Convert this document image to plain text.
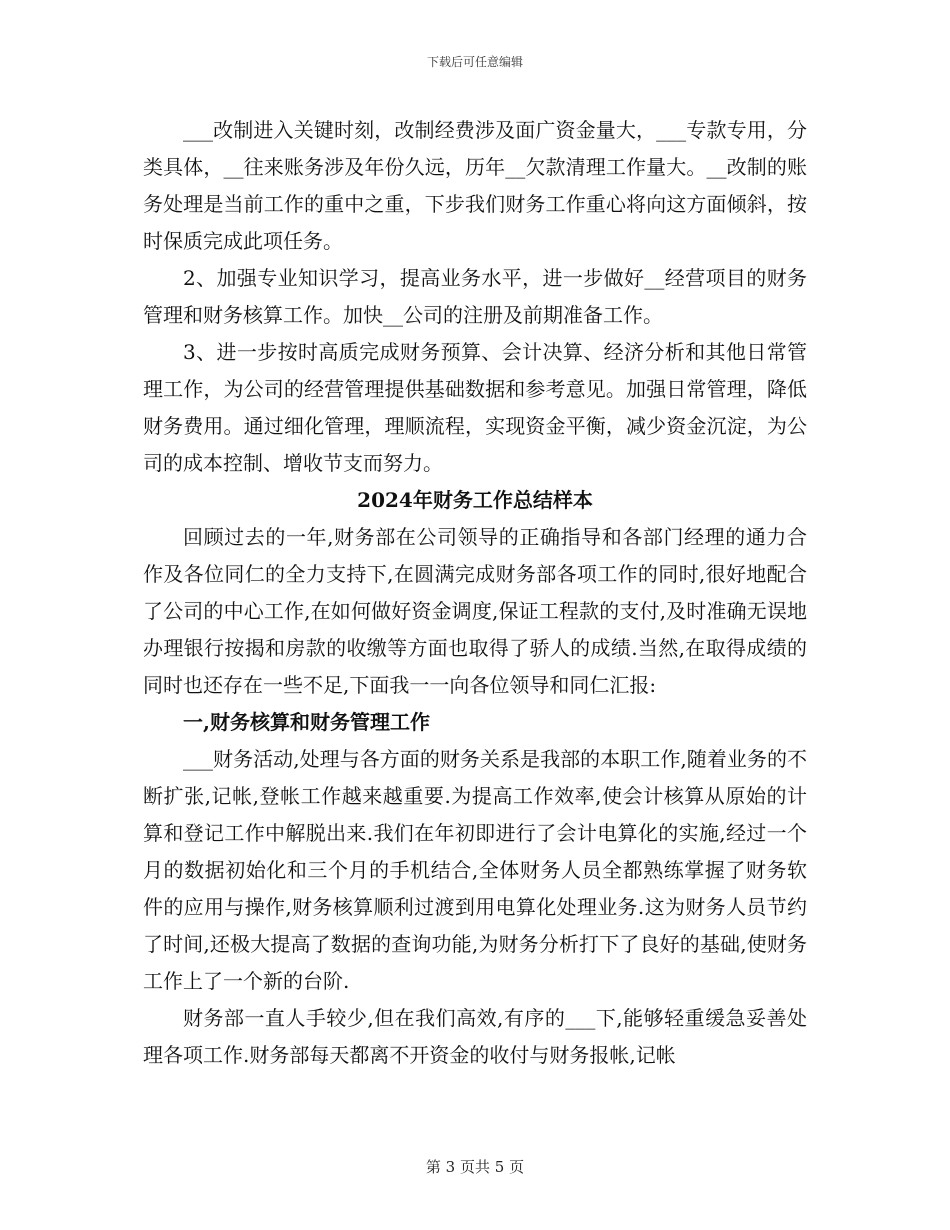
下载后可任意编辑

___改制进入关键时刻，改制经费涉及面广资金量大，___专款专用，分类具体，__往来账务涉及年份久远，历年__欠款清理工作量大。__改制的账务处理是当前工作的重中之重，下步我们财务工作重心将向这方面倾斜，按时保质完成此项任务。

2、加强专业知识学习，提高业务水平，进一步做好__经营项目的财务管理和财务核算工作。加快__公司的注册及前期准备工作。

3、进一步按时高质完成财务预算、会计决算、经济分析和其他日常管理工作，为公司的经营管理提供基础数据和参考意见。加强日常管理，降低财务费用。通过细化管理，理顺流程，实现资金平衡，减少资金沉淀，为公司的成本控制、增收节支而努力。

2024年财务工作总结样本

回顾过去的一年,财务部在公司领导的正确指导和各部门经理的通力合作及各位同仁的全力支持下,在圆满完成财务部各项工作的同时,很好地配合了公司的中心工作,在如何做好资金调度,保证工程款的支付,及时准确无误地办理银行按揭和房款的收缴等方面也取得了骄人的成绩.当然,在取得成绩的同时也还存在一些不足,下面我一一向各位领导和同仁汇报:

一,财务核算和财务管理工作

___财务活动,处理与各方面的财务关系是我部的本职工作,随着业务的不断扩张,记帐,登帐工作越来越重要.为提高工作效率,使会计核算从原始的计算和登记工作中解脱出来.我们在年初即进行了会计电算化的实施,经过一个月的数据初始化和三个月的手机结合,全体财务人员全都熟练掌握了财务软件的应用与操作,财务核算顺利过渡到用电算化处理业务.这为财务人员节约了时间,还极大提高了数据的查询功能,为财务分析打下了良好的基础,使财务工作上了一个新的台阶.

财务部一直人手较少,但在我们高效,有序的___下,能够轻重缓急妥善处理各项工作.财务部每天都离不开资金的收付与财务报帐,记帐

第 3 页共 5 页
